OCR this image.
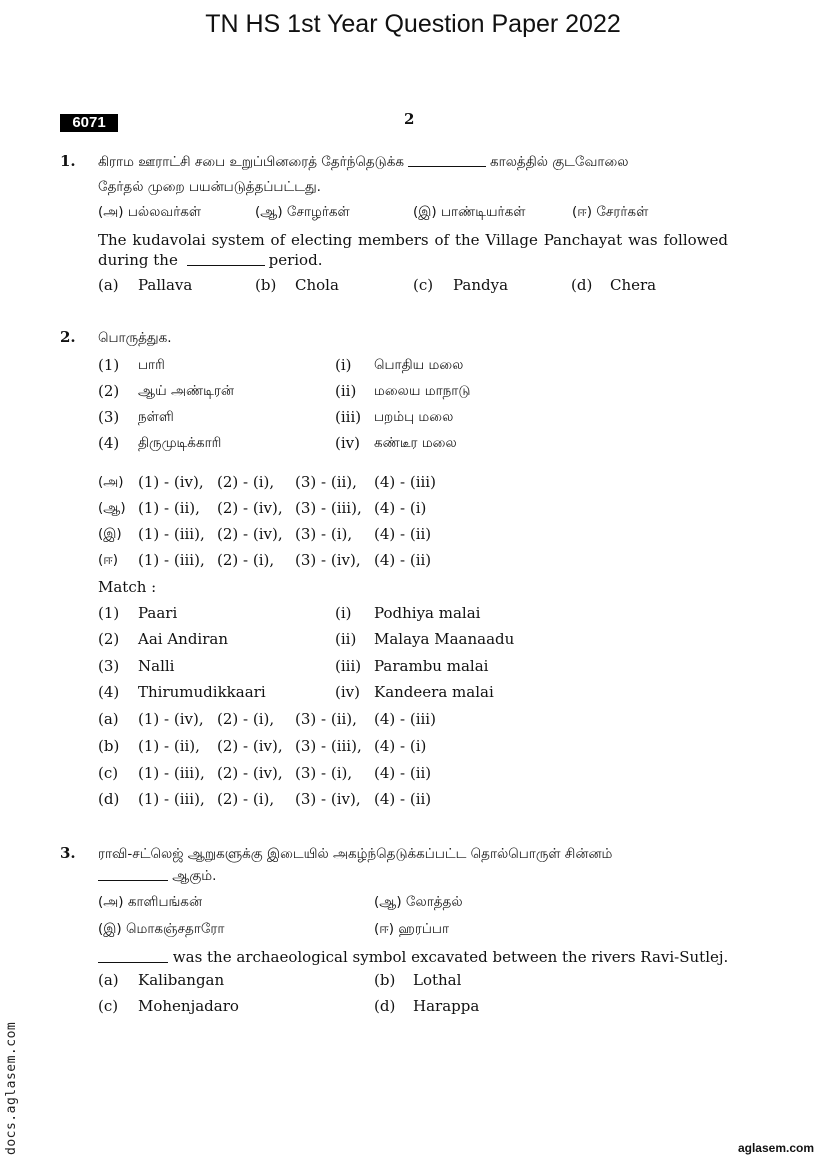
TN HS 1st Year Question Paper 2022
6071	2
1. கிராம ஊராட்சி சபை உறுப்பினரைத் தேர்ந்தெடுக்க	காலத்தில் குடவோலை
தேர்தல் முறை பயன்படுத்தப்பட்டது.
(அ) பல்லவர்கள்	(ஆ) சோழர்கள்	(இ) பாண்டியர்கள்	(ஈ) சேரர்கள்
The kudavolai system of electing members of the Village Panchayat was followed
during the	period.
(a) Pallava	(b) Chola	(c) Pandya	(d) Chera
2. பொருத்துக.
(1) பாரி	(i) பொதிய மலை
(2) ஆய் அண்டிரன்	(ii) மலைய மாநாடு
(3) நள்ளி	(iii) பறம்பு மலை
(4) திருமுடிக்காரி	(iv) கண்டீர மலை
(அ) (1) - (iv), (2) - (i), (3) - (ii), (4) - (iii)
(ஆ) (1) - (ii), (2) - (iv), (3) - (iii), (4) - (i)
(இ) (1) - (iii), (2) - (iv), (3) - (i), (4) - (ii)
(ஈ) (1) - (iii), (2) - (i), (3) - (iv), (4) - (ii)
Match :
(1) Paari	(i) Podhiya malai
(2) Aai Andiran	(ii) Malaya Maanaadu
(3) Nalli	(iii) Parambu malai
(4) Thirumudikkaari	(iv) Kandeera malai
(a) (1) - (iv), (2) - (i), (3) - (ii), (4) - (iii)
(b) (1) - (ii), (2) - (iv), (3) - (iii), (4) - (i)
(c) (1) - (iii), (2) - (iv), (3) - (i), (4) - (ii)
(d) (1) - (iii), (2) - (i), (3) - (iv), (4) - (ii)
3. ராவி-சட்லெஜ் ஆறுகளுக்கு இடையில் அகழ்ந்தெடுக்கப்பட்ட தொல்பொருள் சின்னம்
ஆகும்.
(அ) காளிபங்கன்	(ஆ) லோத்தல்
(இ) மொகஞ்சதாரோ	(ஈ) ஹரப்பா
was the archaeological symbol excavated between the rivers Ravi-Sutlej.
(a) Kalibangan	(b) Lothal
(c) Mohenjadaro	(d) Harappa
docs.aglasem.com	aglasem.com
